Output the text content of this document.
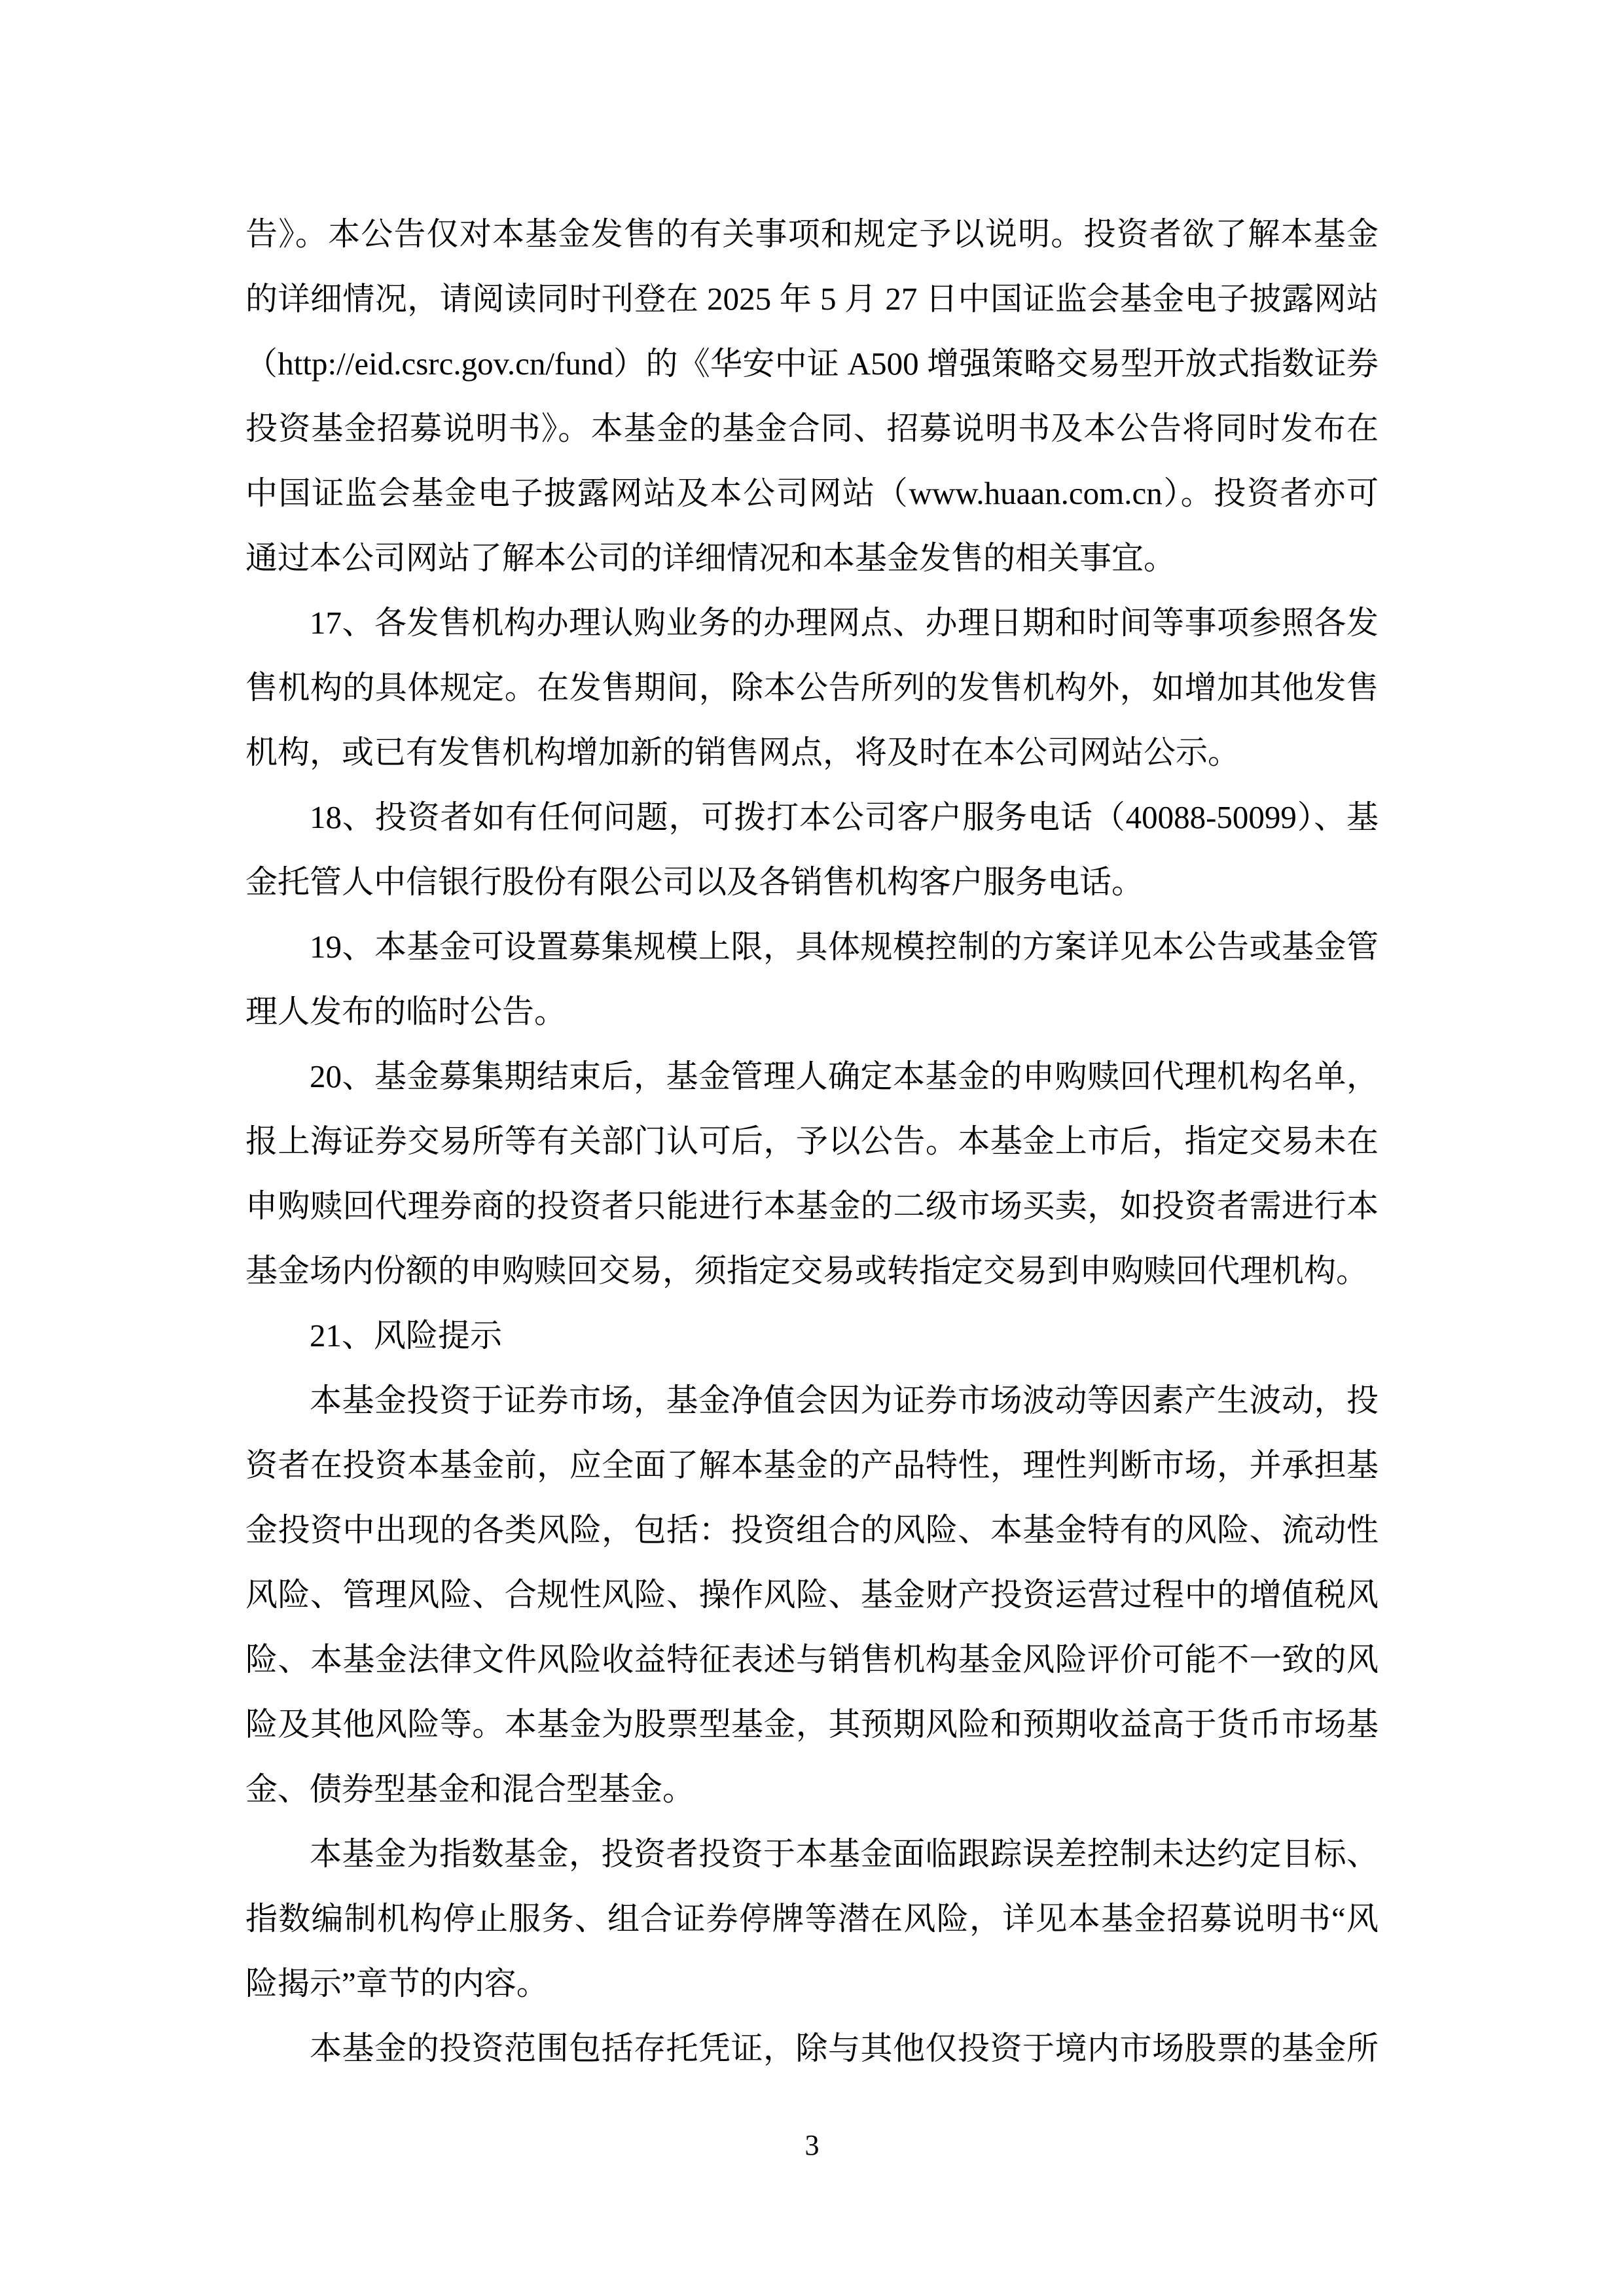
告》。本公告仅对本基金发售的有关事项和规定予以说明。投资者欲了解本基金
的详细情况，请阅读同时刊登在 2025 年 5 月 27 日中国证监会基金电子披露网站
（http://eid.csrc.gov.cn/fund）的《华安中证 A500 增强策略交易型开放式指数证券
投资基金招募说明书》。本基金的基金合同、招募说明书及本公告将同时发布在
中国证监会基金电子披露网站及本公司网站（www.huaan.com.cn）。投资者亦可
通过本公司网站了解本公司的详细情况和本基金发售的相关事宜。
17、各发售机构办理认购业务的办理网点、办理日期和时间等事项参照各发
售机构的具体规定。在发售期间，除本公告所列的发售机构外，如增加其他发售
机构，或已有发售机构增加新的销售网点，将及时在本公司网站公示。
18、投资者如有任何问题，可拨打本公司客户服务电话（40088-50099）、基
金托管人中信银行股份有限公司以及各销售机构客户服务电话。
19、本基金可设置募集规模上限，具体规模控制的方案详见本公告或基金管
理人发布的临时公告。
20、基金募集期结束后，基金管理人确定本基金的申购赎回代理机构名单，
报上海证券交易所等有关部门认可后，予以公告。本基金上市后，指定交易未在
申购赎回代理券商的投资者只能进行本基金的二级市场买卖，如投资者需进行本
基金场内份额的申购赎回交易，须指定交易或转指定交易到申购赎回代理机构。
21、风险提示
本基金投资于证券市场，基金净值会因为证券市场波动等因素产生波动，投
资者在投资本基金前，应全面了解本基金的产品特性，理性判断市场，并承担基
金投资中出现的各类风险，包括：投资组合的风险、本基金特有的风险、流动性
风险、管理风险、合规性风险、操作风险、基金财产投资运营过程中的增值税风
险、本基金法律文件风险收益特征表述与销售机构基金风险评价可能不一致的风
险及其他风险等。本基金为股票型基金，其预期风险和预期收益高于货币市场基
金、债券型基金和混合型基金。
本基金为指数基金，投资者投资于本基金面临跟踪误差控制未达约定目标、
指数编制机构停止服务、组合证券停牌等潜在风险，详见本基金招募说明书“风
险揭示”章节的内容。
本基金的投资范围包括存托凭证，除与其他仅投资于境内市场股票的基金所
3
